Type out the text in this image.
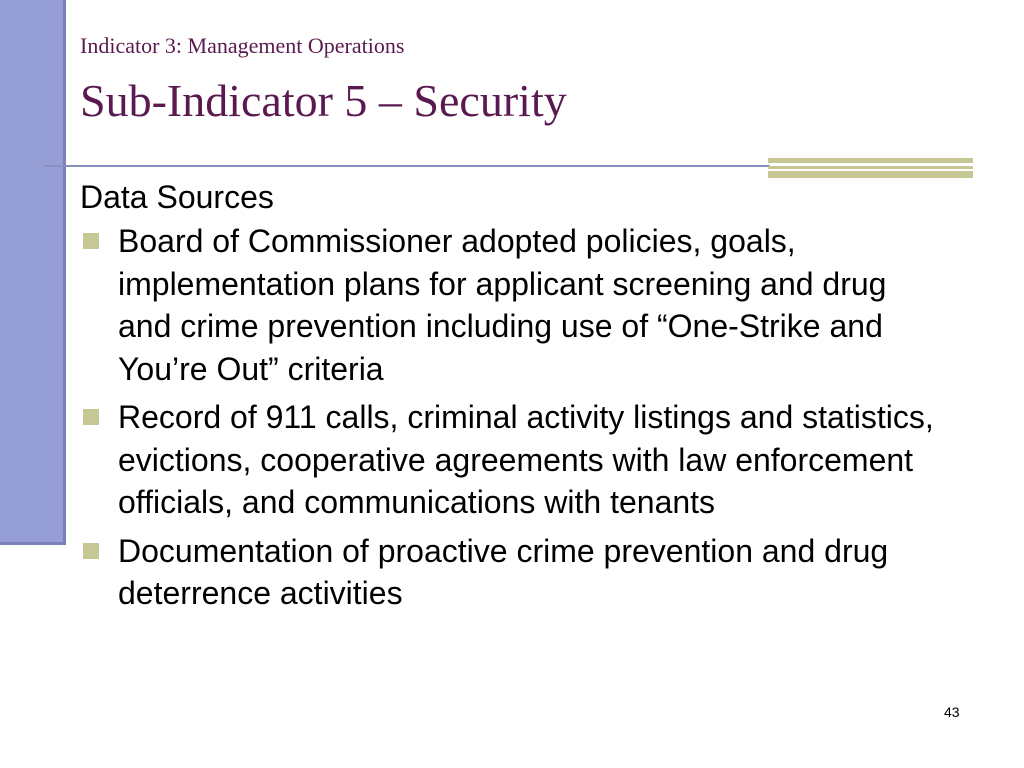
Indicator 3: Management Operations
Sub-Indicator 5 – Security
Data Sources
Board of Commissioner adopted policies, goals, implementation plans for applicant screening and drug and crime prevention including use of “One-Strike and You’re Out” criteria
Record of 911 calls, criminal activity listings and statistics, evictions, cooperative agreements with law enforcement officials, and communications with tenants
Documentation of proactive crime prevention and drug deterrence activities
43
